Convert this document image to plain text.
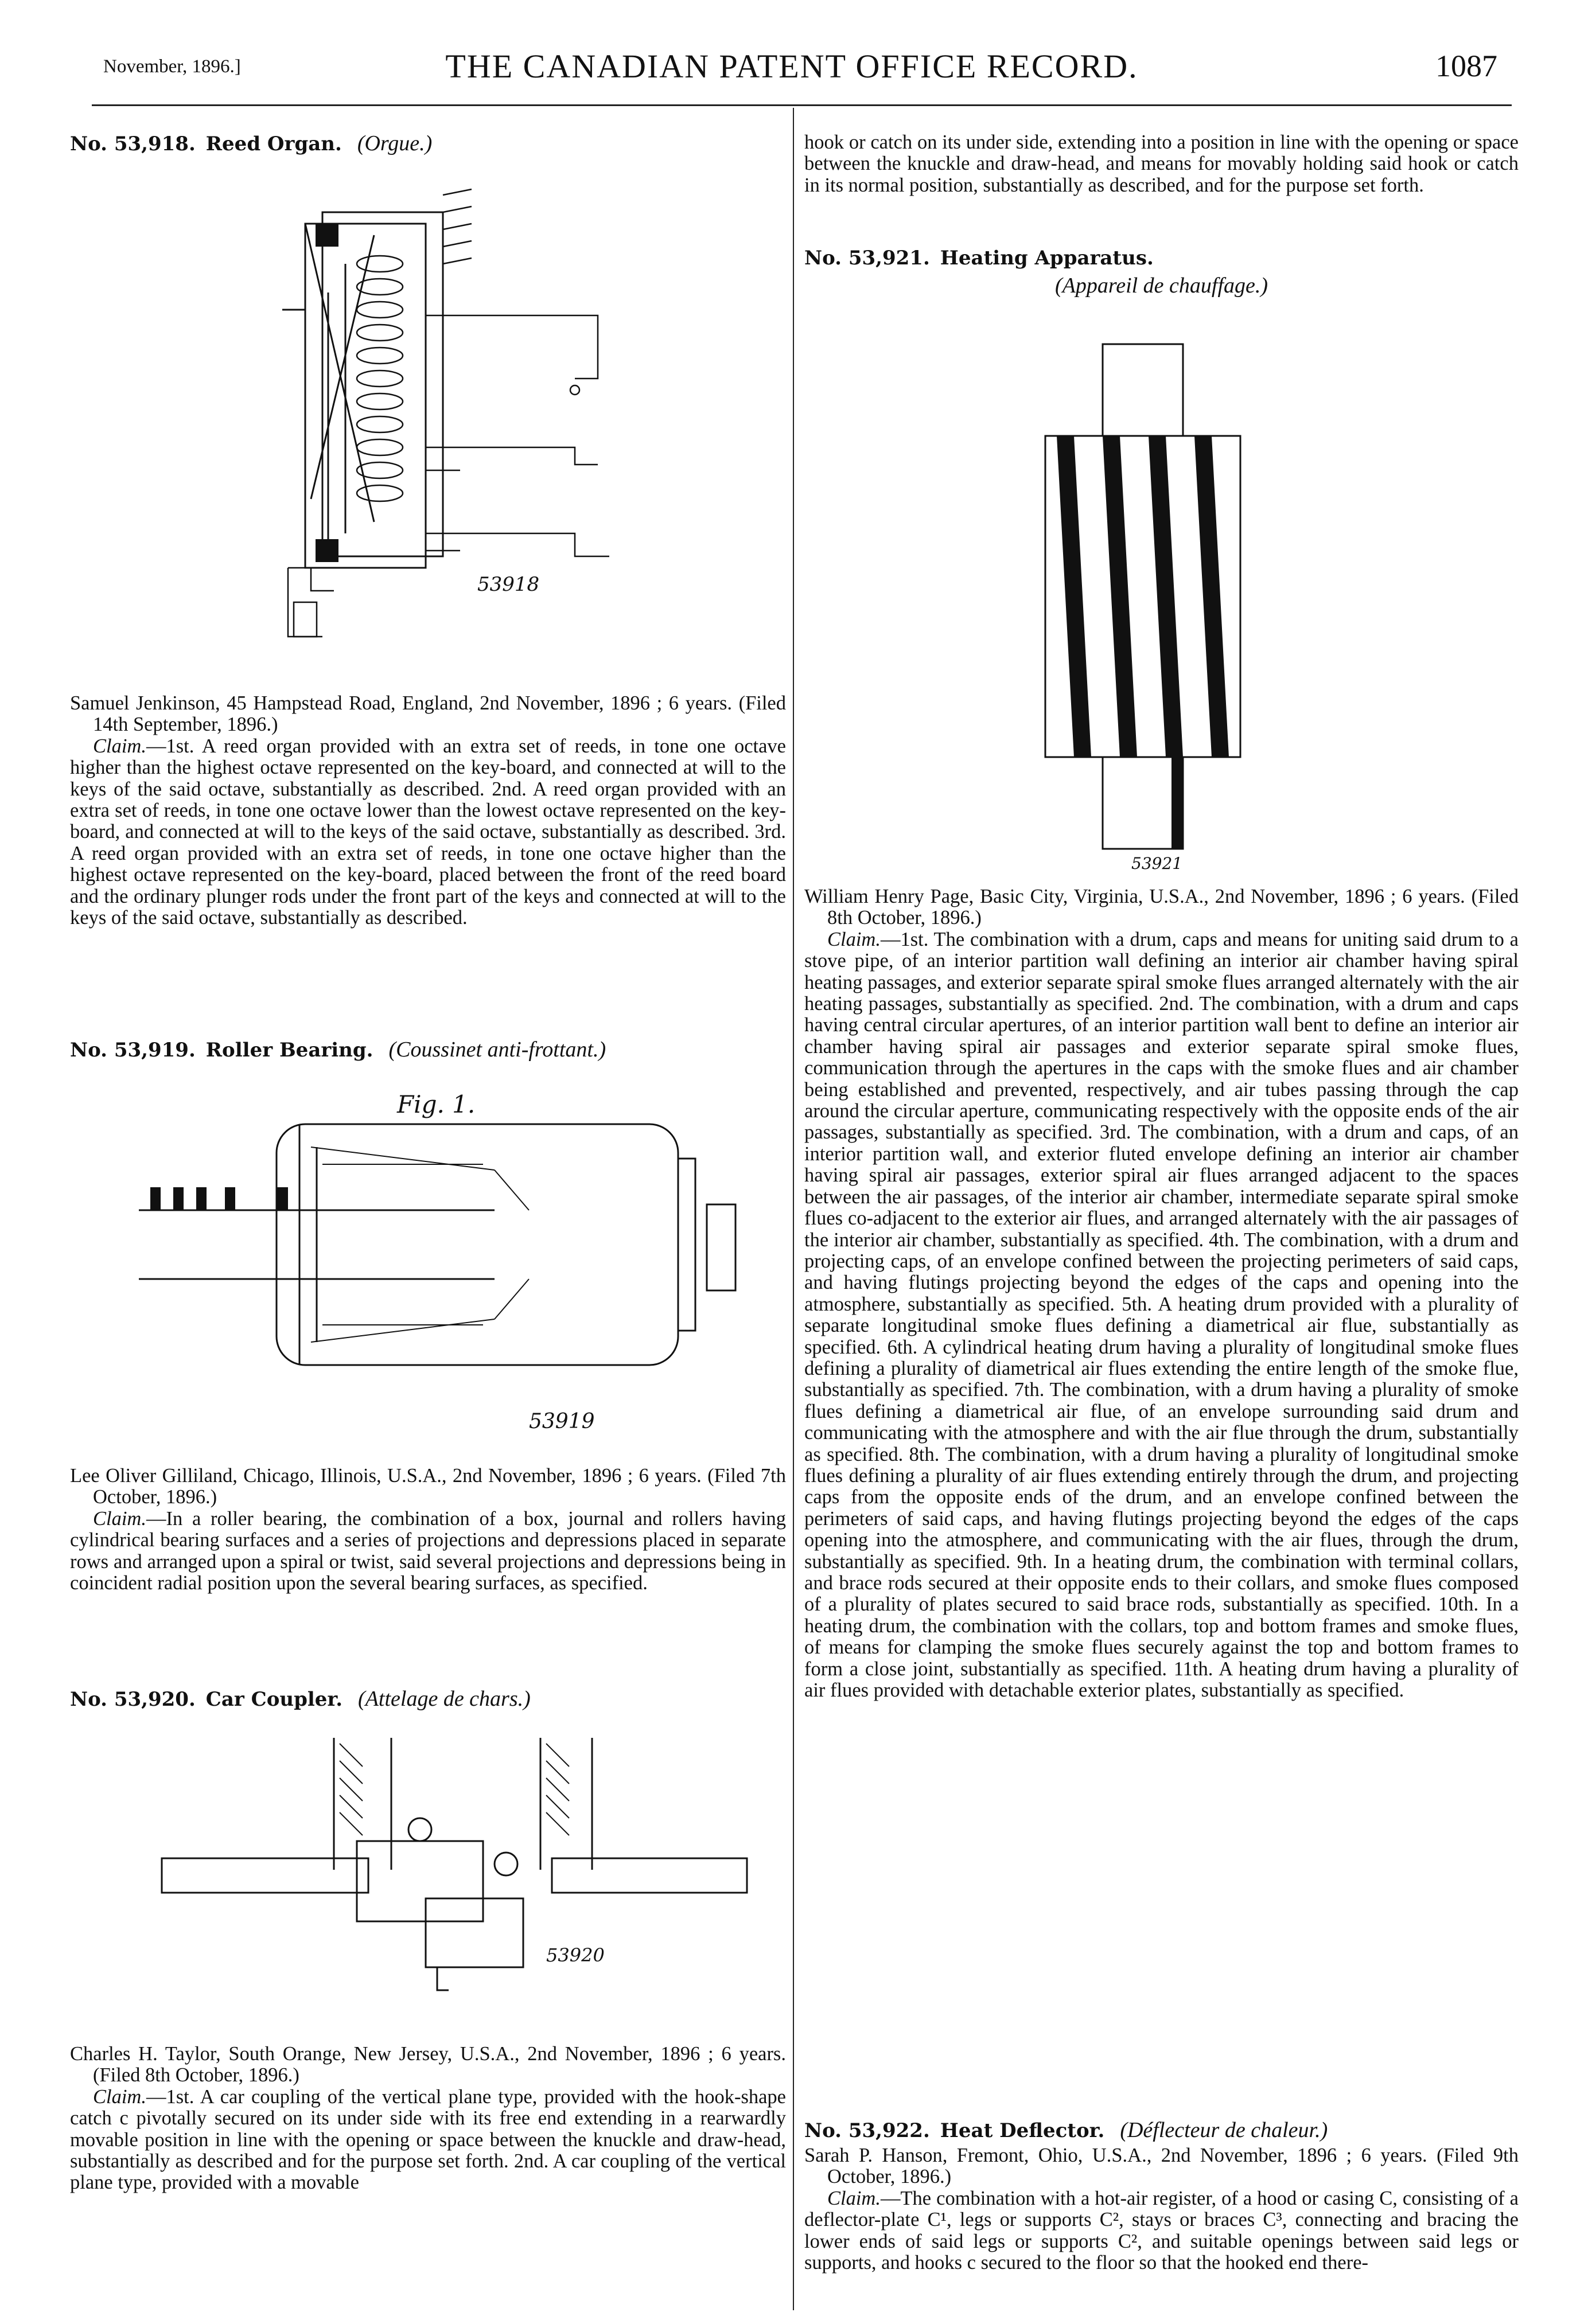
November, 1896.]	THE CANADIAN PATENT OFFICE RECORD.	1087
No. 53,918. Reed Organ. (Orgue.)
53918

Samuel Jenkinson, 45 Hampstead Road, England, 2nd November, 1896 ; 6 years. (Filed 14th September, 1896.)

Claim.—1st. A reed organ provided with an extra set of reeds, in tone one octave higher than the highest octave represented on the key-board, and connected at will to the keys of the said octave, substantially as described. 2nd. A reed organ provided with an extra set of reeds, in tone one octave lower than the lowest octave represented on the key-board, and connected at will to the keys of the said octave, substantially as described. 3rd. A reed organ provided with an extra set of reeds, in tone one octave higher than the highest octave represented on the key-board, placed between the front of the reed board and the ordinary plunger rods under the front part of the keys and connected at will to the keys of the said octave, substantially as described.

No. 53,919. Roller Bearing. (Coussinet anti-frottant.)
Fig. 1.
53919

Lee Oliver Gilliland, Chicago, Illinois, U.S.A., 2nd November, 1896 ; 6 years. (Filed 7th October, 1896.)

Claim.—In a roller bearing, the combination of a box, journal and rollers having cylindrical bearing surfaces and a series of projections and depressions placed in separate rows and arranged upon a spiral or twist, said several projections and depressions being in coincident radial position upon the several bearing surfaces, as specified.

No. 53,920. Car Coupler. (Attelage de chars.)
53920

Charles H. Taylor, South Orange, New Jersey, U.S.A., 2nd November, 1896 ; 6 years. (Filed 8th October, 1896.)

Claim.—1st. A car coupling of the vertical plane type, provided with the hook-shape catch c pivotally secured on its under side with its free end extending in a rearwardly movable position in line with the opening or space between the knuckle and draw-head, substantially as described and for the purpose set forth. 2nd. A car coupling of the vertical plane type, provided with a movable

hook or catch on its under side, extending into a position in line with the opening or space between the knuckle and draw-head, and means for movably holding said hook or catch in its normal position, substantially as described, and for the purpose set forth.

No. 53,921. Heating Apparatus.
(Appareil de chauffage.)
53921

William Henry Page, Basic City, Virginia, U.S.A., 2nd November, 1896 ; 6 years. (Filed 8th October, 1896.)

Claim.—1st. The combination with a drum, caps and means for uniting said drum to a stove pipe, of an interior partition wall defining an interior air chamber having spiral heating passages, and exterior separate spiral smoke flues arranged alternately with the air heating passages, substantially as specified. 2nd. The combination, with a drum and caps having central circular apertures, of an interior partition wall bent to define an interior air chamber having spiral air passages and exterior separate spiral smoke flues, communication through the apertures in the caps with the smoke flues and air chamber being established and prevented, respectively, and air tubes passing through the cap around the circular aperture, communicating respectively with the opposite ends of the air passages, substantially as specified. 3rd. The combination, with a drum and caps, of an interior partition wall, and exterior fluted envelope defining an interior air chamber having spiral air passages, exterior spiral air flues arranged adjacent to the spaces between the air passages, of the interior air chamber, intermediate separate spiral smoke flues co-adjacent to the exterior air flues, and arranged alternately with the air passages of the interior air chamber, substantially as specified. 4th. The combination, with a drum and projecting caps, of an envelope confined between the projecting perimeters of said caps, and having flutings projecting beyond the edges of the caps and opening into the atmosphere, substantially as specified. 5th. A heating drum provided with a plurality of separate longitudinal smoke flues defining a diametrical air flue, substantially as specified. 6th. A cylindrical heating drum having a plurality of longitudinal smoke flues defining a plurality of diametrical air flues extending the entire length of the smoke flue, substantially as specified. 7th. The combination, with a drum having a plurality of smoke flues defining a diametrical air flue, of an envelope surrounding said drum and communicating with the atmosphere and with the air flue through the drum, substantially as specified. 8th. The combination, with a drum having a plurality of longitudinal smoke flues defining a plurality of air flues extending entirely through the drum, and projecting caps from the opposite ends of the drum, and an envelope confined between the perimeters of said caps, and having flutings projecting beyond the edges of the caps opening into the atmosphere, and communicating with the air flues, through the drum, substantially as specified. 9th. In a heating drum, the combination with terminal collars, and brace rods secured at their opposite ends to their collars, and smoke flues composed of a plurality of plates secured to said brace rods, substantially as specified. 10th. In a heating drum, the combination with the collars, top and bottom frames and smoke flues, of means for clamping the smoke flues securely against the top and bottom frames to form a close joint, substantially as specified. 11th. A heating drum having a plurality of air flues provided with detachable exterior plates, substantially as specified.

No. 53,922. Heat Deflector. (Déflecteur de chaleur.)

Sarah P. Hanson, Fremont, Ohio, U.S.A., 2nd November, 1896 ; 6 years. (Filed 9th October, 1896.)

Claim.—The combination with a hot-air register, of a hood or casing C, consisting of a deflector-plate C¹, legs or supports C², stays or braces C³, connecting and bracing the lower ends of said legs or supports C², and suitable openings between said legs or supports, and hooks c secured to the floor so that the hooked end there-
